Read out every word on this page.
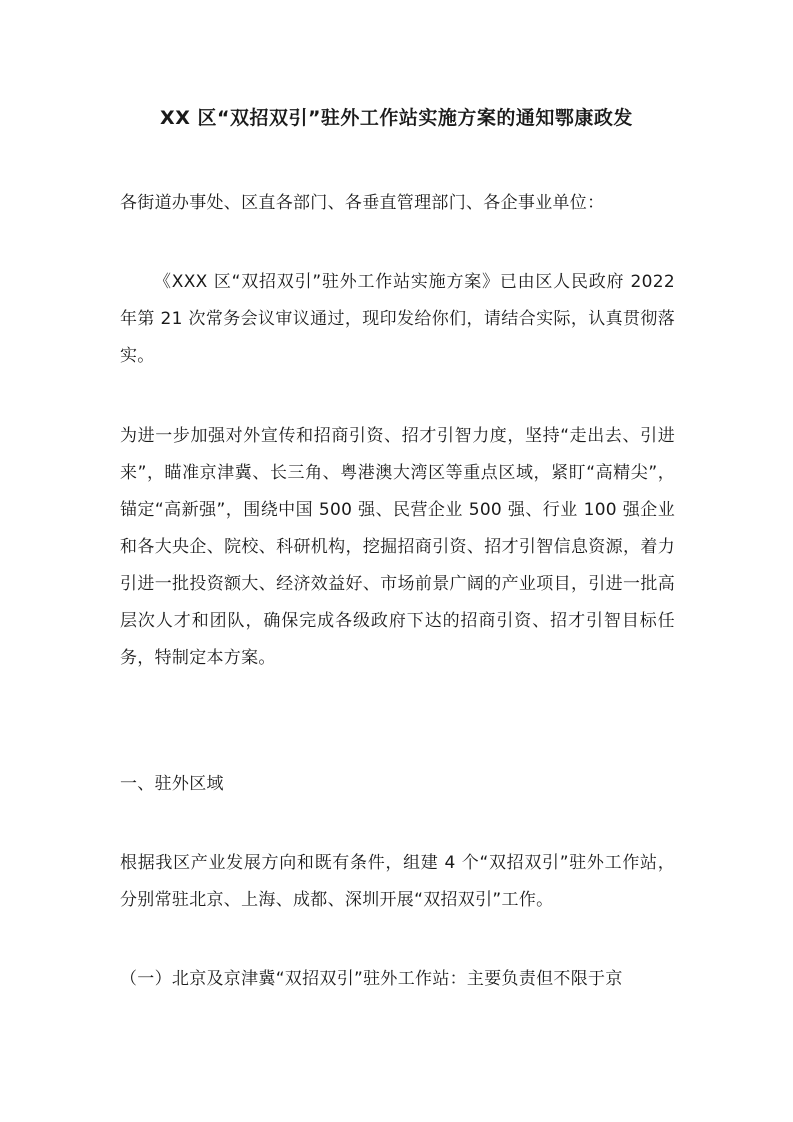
XX 区“双招双引”驻外工作站实施方案的通知鄂康政发

各街道办事处、区直各部门、各垂直管理部门、各企事业单位：

《XXX 区“双招双引”驻外工作站实施方案》已由区人民政府 2022 年第 21 次常务会议审议通过，现印发给你们，请结合实际，认真贯彻落实。

为进一步加强对外宣传和招商引资、招才引智力度，坚持“走出去、引进来”，瞄准京津冀、长三角、粤港澳大湾区等重点区域，紧盯“高精尖”，锚定“高新强”，围绕中国 500 强、民营企业 500 强、行业 100 强企业和各大央企、院校、科研机构，挖掘招商引资、招才引智信息资源，着力引进一批投资额大、经济效益好、市场前景广阔的产业项目，引进一批高层次人才和团队，确保完成各级政府下达的招商引资、招才引智目标任务，特制定本方案。

一、驻外区域

根据我区产业发展方向和既有条件，组建 4 个“双招双引”驻外工作站，分别常驻北京、上海、成都、深圳开展“双招双引”工作。

（一）北京及京津冀“双招双引”驻外工作站：主要负责但不限于京
